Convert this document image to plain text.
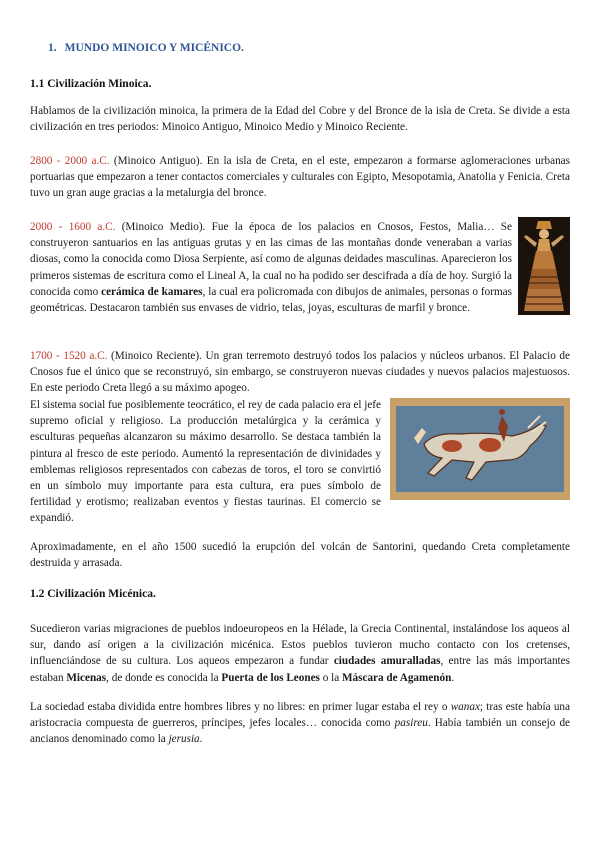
1. MUNDO MINOICO Y MICÉNICO.
1.1 Civilización Minoica.

Hablamos de la civilización minoica, la primera de la Edad del Cobre y del Bronce de la isla de Creta. Se divide a esta civilización en tres periodos: Minoico Antiguo, Minoico Medio y Minoico Reciente.

2800 - 2000 a.C. (Minoico Antiguo). En la isla de Creta, en el este, empezaron a formarse aglomeraciones urbanas portuarias que empezaron a tener contactos comerciales y culturales con Egipto, Mesopotamia, Anatolia y Fenicia. Creta tuvo un gran auge gracias a la metalurgia del bronce.

2000 - 1600 a.C. (Minoico Medio). Fue la época de los palacios en Cnosos, Festos, Malia… Se construyeron santuarios en las antiguas grutas y en las cimas de las montañas donde veneraban a varias diosas, como la conocida como Diosa Serpiente, así como de algunas deidades masculinas. Aparecieron los primeros sistemas de escritura como el Lineal A, la cual no ha podido ser descifrada a día de hoy. Surgió la conocida como cerámica de kamares, la cual era policromada con dibujos de animales, personas o formas geométricas. Destacaron también sus envases de vidrio, telas, joyas, esculturas de marfil y bronce.

1700 - 1520 a.C. (Minoico Reciente). Un gran terremoto destruyó todos los palacios y núcleos urbanos. El Palacio de Cnosos fue el único que se reconstruyó, sin embargo, se construyeron nuevas ciudades y nuevos palacios majestuosos. En este periodo Creta llegó a su máximo apogeo.

El sistema social fue posiblemente teocrático, el rey de cada palacio era el jefe supremo oficial y religioso. La producción metalúrgica y la cerámica y esculturas pequeñas alcanzaron su máximo desarrollo. Se destaca también la pintura al fresco de este periodo. Aumentó la representación de divinidades y emblemas religiosos representados con cabezas de toros, el toro se convirtió en un símbolo muy importante para esta cultura, era pues símbolo de fertilidad y erotismo; realizaban eventos y fiestas taurinas. El comercio se expandió.

Aproximadamente, en el año 1500 sucedió la erupción del volcán de Santorini, quedando Creta completamente destruida y arrasada.

1.2 Civilización Micénica.

Sucedieron varias migraciones de pueblos indoeuropeos en la Hélade, la Grecia Continental, instalándose los aqueos al sur, dando así origen a la civilización micénica. Estos pueblos tuvieron mucho contacto con los cretenses, influenciándose de su cultura. Los aqueos empezaron a fundar ciudades amuralladas, entre las más importantes estaban Micenas, de donde es conocida la Puerta de los Leones o la Máscara de Agamenón.

La sociedad estaba dividida entre hombres libres y no libres: en primer lugar estaba el rey o wanax; tras este había una aristocracia compuesta de guerreros, príncipes, jefes locales… conocida como pasireu. Había también un consejo de ancianos denominado como la jerusia.
